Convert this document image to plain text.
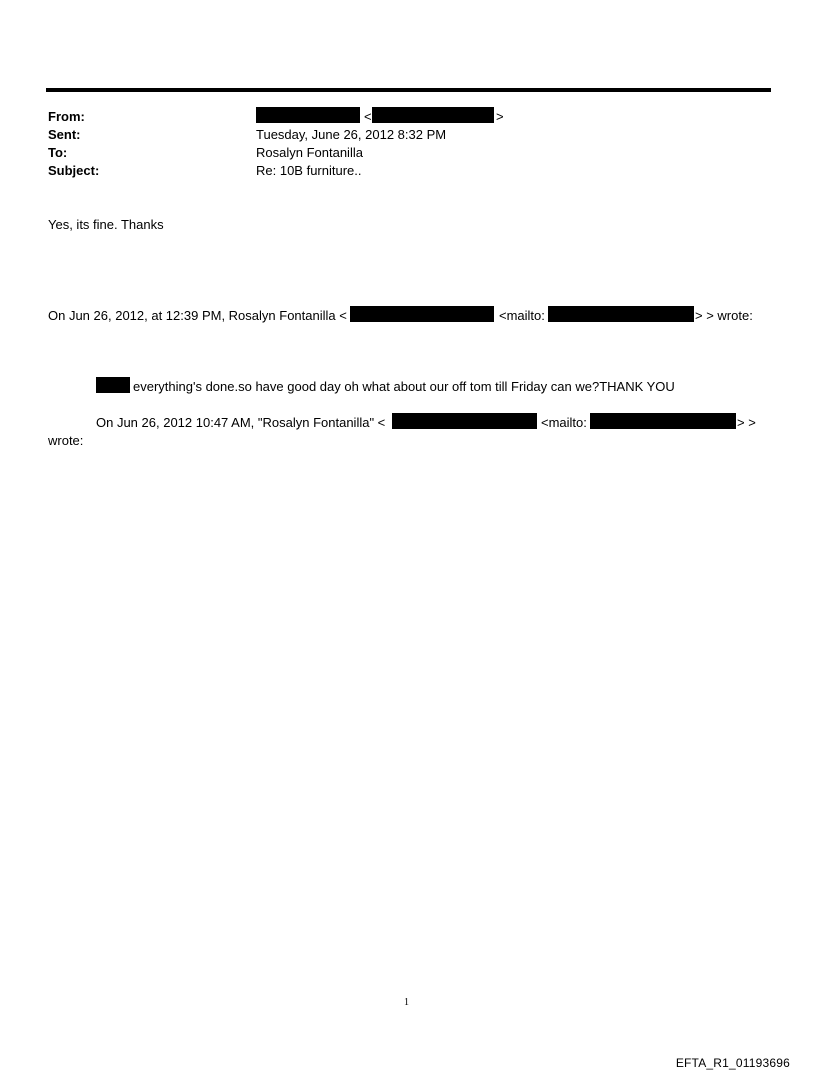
From:	<	>
Sent:	Tuesday, June 26, 2012 8:32 PM
To:	Rosalyn Fontanilla
Subject:	Re: 10B furniture..
Yes, its fine. Thanks
On Jun 26, 2012, at 12:39 PM, Rosalyn Fontanilla <	<mailto:	> > wrote:
everything's done.so have good day oh what about our off tom till Friday can we?THANK YOU
On Jun 26, 2012 10:47 AM, "Rosalyn Fontanilla" <	<mailto:	> >
wrote:
1
EFTA_R1_01193696
